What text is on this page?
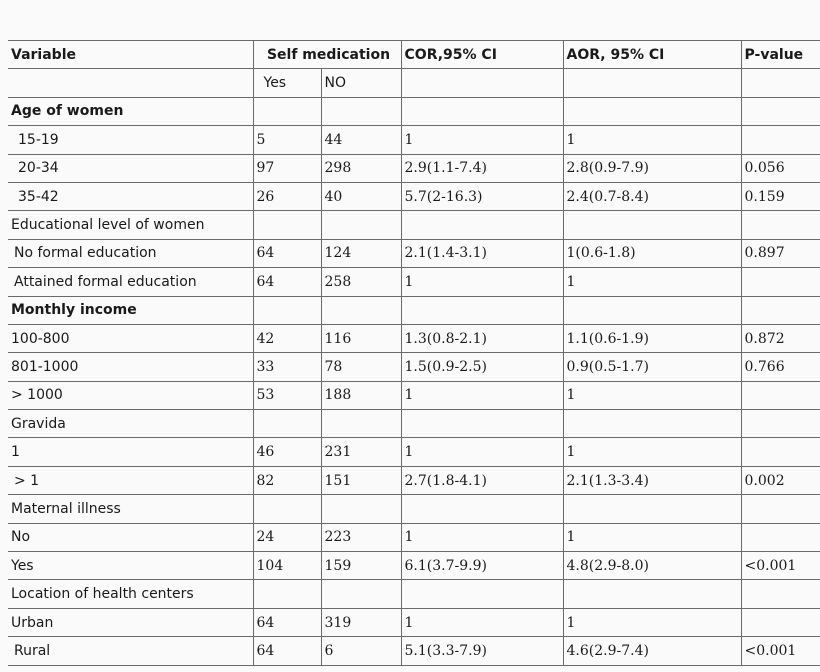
Variable	Self medication		COR,95% CI	AOR, 95% CI	P-value
	Yes	NO			
Age of women					
15-19	5	44	1	1	
20-34	97	298	2.9(1.1-7.4)	2.8(0.9-7.9)	0.056
35-42	26	40	5.7(2-16.3)	2.4(0.7-8.4)	0.159
Educational level of women					
No formal education	64	124	2.1(1.4-3.1)	1(0.6-1.8)	0.897
Attained formal education	64	258	1	1	
Monthly income					
100-800	42	116	1.3(0.8-2.1)	1.1(0.6-1.9)	0.872
801-1000	33	78	1.5(0.9-2.5)	0.9(0.5-1.7)	0.766
> 1000	53	188	1	1	
Gravida					
1	46	231	1	1	
> 1	82	151	2.7(1.8-4.1)	2.1(1.3-3.4)	0.002
Maternal illness					
No	24	223	1	1	
Yes	104	159	6.1(3.7-9.9)	4.8(2.9-8.0)	<0.001
Location of health centers					
Urban	64	319	1	1	
Rural	64	6	5.1(3.3-7.9)	4.6(2.9-7.4)	<0.001
